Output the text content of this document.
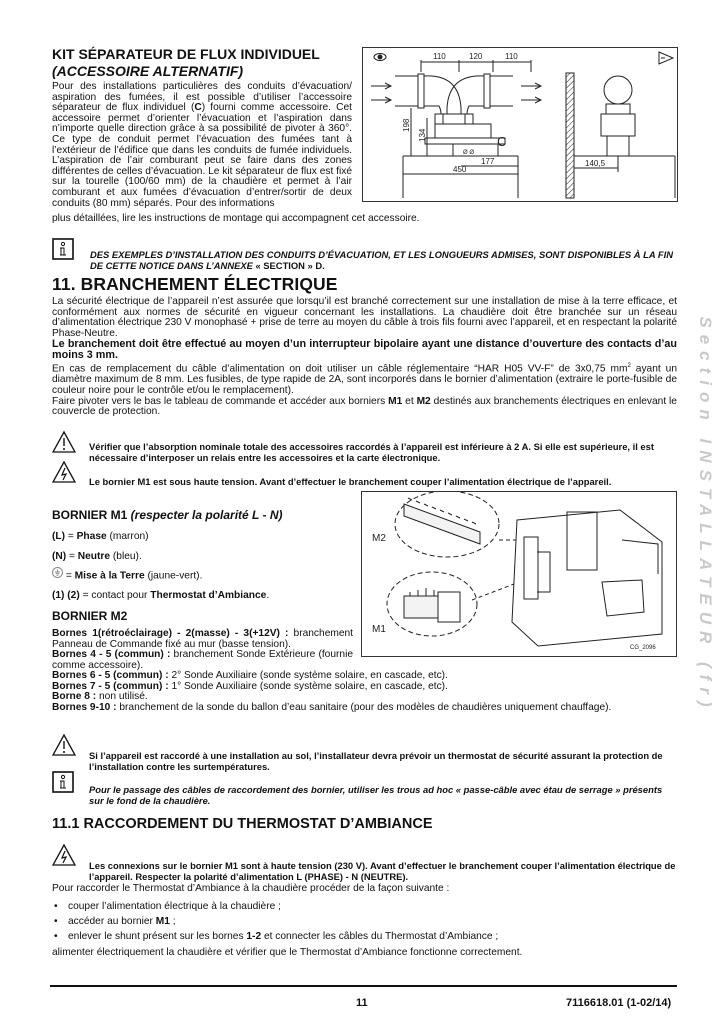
KIT SÉPARATEUR DE FLUX INDIVIDUEL

(ACCESSOIRE ALTERNATIF)

Pour des installations particulières des conduits d’évacuation/ aspiration des fumées, il est possible d’utiliser l’accessoire séparateur de flux individuel (C) fourni comme accessoire. Cet accessoire permet d’orienter l’évacuation et l’aspiration dans n’importe quelle direction grâce à sa possibilité de pivoter à 360°. Ce type de conduit permet l’évacuation des fumées tant à l’extérieur de l’édifice que dans les conduits de fumée individuels. L’aspiration de l’air comburant peut se faire dans des zones différentes de celles d’évacuation. Le kit séparateur de flux est fixé sur la tourelle (100/60 mm) de la chaudière et permet à l’air comburant et aux fumées d’évacuation d’entrer/sortir de deux conduits (80 mm) séparés. Pour des informations

plus détaillées, lire les instructions de montage qui accompagnent cet accessoire.

110	120	110
198
134	C
177
450
140,5
Ø Ø

DES EXEMPLES D’INSTALLATION DES CONDUITS D’ÉVACUATION, ET LES LONGUEURS ADMISES, SONT DISPONIBLES À LA FIN DE CETTE NOTICE DANS L’ANNEXE « SECTION » D.

11. BRANCHEMENT ÉLECTRIQUE

La sécurité électrique de l’appareil n’est assurée que lorsqu’il est branché correctement sur une installation de mise à la terre efficace, et conformément aux normes de sécurité en vigueur concernant les installations. La chaudière doit être branchée sur un réseau d’alimentation électrique 230 V monophasé + prise de terre au moyen du câble à trois fils fourni avec l’appareil, et en respectant la polarité Phase-Neutre.

Le branchement doit être effectué au moyen d’un interrupteur bipolaire ayant une distance d’ouverture des contacts d’au moins 3 mm.

En cas de remplacement du câble d’alimentation on doit utiliser un câble réglementaire “HAR H05 VV-F” de 3x0,75 $mm^2$ ayant un diamètre maximum de 8 mm. Les fusibles, de type rapide de 2A, sont incorporés dans le bornier d’alimentation (extraire le porte-fusible de couleur noire pour le contrôle et/ou le remplacement).

Faire pivoter vers le bas le tableau de commande et accéder aux borniers M1 et M2 destinés aux branchements électriques en enlevant le couvercle de protection.

Vérifier que l’absorption nominale totale des accessoires raccordés à l’appareil est inférieure à 2 A. Si elle est supérieure, il est nécessaire d’interposer un relais entre les accessoires et la carte électronique.

Le bornier M1 est sous haute tension. Avant d’effectuer le branchement couper l’alimentation électrique de l’appareil.

BORNIER M1 (respecter la polarité L - N)

(L) = Phase (marron)
(N) = Neutre (bleu).
= Mise à la Terre (jaune-vert).
(1) (2) = contact pour Thermostat d’Ambiance.

BORNIER M2

Bornes 1(rétroéclairage) - 2(masse) - 3(+12V) : branchement Panneau de Commande fixé au mur (basse tension).

Bornes 4 - 5 (commun) : branchement Sonde Extérieure (fournie comme accessoire).

Bornes 6 - 5 (commun) : 2° Sonde Auxiliaire (sonde système solaire, en cascade, etc).

Bornes 7 - 5 (commun) : 1° Sonde Auxiliaire (sonde système solaire, en cascade, etc).

Borne 8 : non utilisé.

Bornes 9-10 : branchement de la sonde du ballon d’eau sanitaire (pour des modèles de chaudières uniquement chauffage).

M2
M1
CG_2096

Si l’appareil est raccordé à une installation au sol, l’installateur devra prévoir un thermostat de sécurité assurant la protection de l’installation contre les surtempératures.

Pour le passage des câbles de raccordement des bornier, utiliser les trous ad hoc « passe-câble avec étau de serrage » présents sur le fond de la chaudière.

11.1 RACCORDEMENT DU THERMOSTAT D’AMBIANCE

Les connexions sur le bornier M1 sont à haute tension (230 V). Avant d’effectuer le branchement couper l’alimentation électrique de l’appareil. Respecter la polarité d’alimentation L (PHASE) - N (NEUTRE).

Pour raccorder le Thermostat d’Ambiance à la chaudière procéder de la façon suivante :

• couper l’alimentation électrique à la chaudière ;
• accéder au bornier M1 ;
• enlever le shunt présent sur les bornes 1-2 et connecter les câbles du Thermostat d’Ambiance ;

alimenter électriquement la chaudière et vérifier que le Thermostat d’Ambiance fonctionne correctement.

Section INSTALLATEUR (fr)
11	7116618.01 (1-02/14)
